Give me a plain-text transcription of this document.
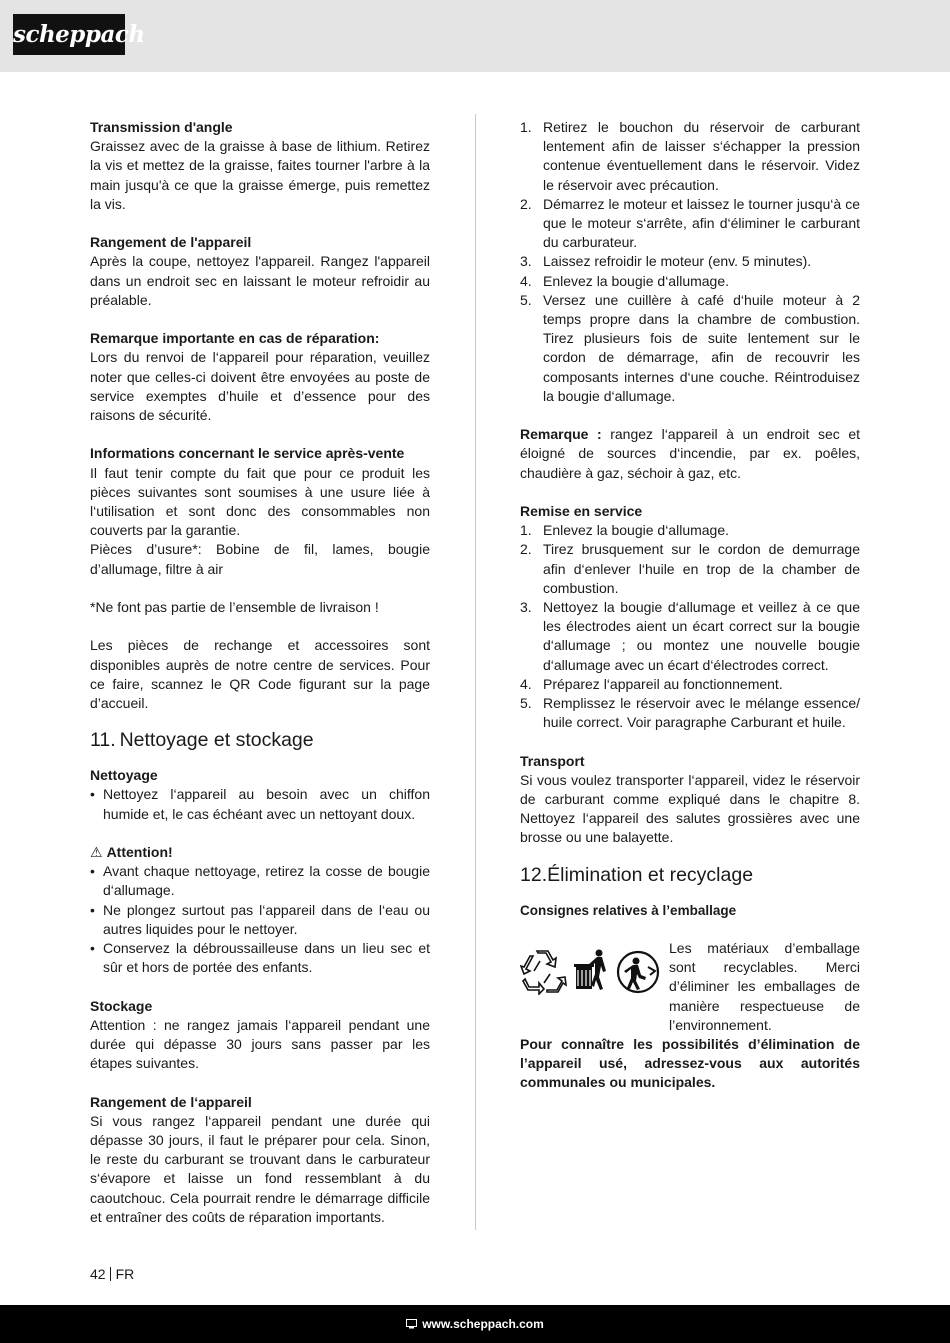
scheppach
Transmission d'angle

Graissez avec de la graisse à base de lithium. Retirez la vis et mettez de la graisse, faites tourner l'arbre à la main jusqu'à ce que la graisse émerge, puis remettez la vis.

Rangement de l'appareil

Après la coupe, nettoyez l'appareil. Rangez l'appareil dans un endroit sec en laissant le moteur refroidir au préalable.

Remarque importante en cas de réparation:

Lors du renvoi de l‘appareil pour réparation, veuillez noter que celles-ci doivent être envoyées au poste de service exemptes d’huile et d’essence pour des raisons de sécurité.

Informations concernant le service après-vente

Il faut tenir compte du fait que pour ce produit les pièces suivantes sont soumises à une usure liée à l‘utilisation et sont donc des consommables non couverts par la garantie.

Pièces d’usure*: Bobine de fil, lames, bougie d’allumage, filtre à air

*Ne font pas partie de l’ensemble de livraison !

Les pièces de rechange et accessoires sont disponibles auprès de notre centre de services. Pour ce faire, scannez le QR Code figurant sur la page d’accueil.

11.  Nettoyage et stockage
Nettoyage
• Nettoyez l‘appareil au besoin avec un chiffon humide et, le cas échéant avec un nettoyant doux.
⚠ Attention!
• Avant chaque nettoyage, retirez la cosse de bougie d‘allumage.
• Ne plongez surtout pas l‘appareil dans de l‘eau ou autres liquides pour le nettoyer.
• Conservez la débroussailleuse dans un lieu sec et sûr et hors de portée des enfants.
Stockage

Attention : ne rangez jamais l‘appareil pendant une durée qui dépasse 30 jours sans passer par les étapes suivantes.

Rangement de l‘appareil

Si vous rangez l‘appareil pendant une durée qui dépasse 30 jours, il faut le préparer pour cela. Sinon, le reste du carburant se trouvant dans le carburateur s‘évapore et laisse un fond ressemblant à du caoutchouc. Cela pourrait rendre le démarrage difficile et entraîner des coûts de réparation importants.

1. Retirez le bouchon du réservoir de carburant lentement afin de laisser s‘échapper la pression contenue éventuellement dans le réservoir. Videz le réservoir avec précaution.
2. Démarrez le moteur et laissez le tourner jusqu‘à ce que le moteur s‘arrête, afin d‘éliminer le carburant du carburateur.
3. Laissez refroidir le moteur (env. 5 minutes).
4. Enlevez la bougie d‘allumage.
5. Versez une cuillère à café d‘huile moteur à 2 temps propre dans la chambre de combustion. Tirez plusieurs fois de suite lentement sur le cordon de démarrage, afin de recouvrir les composants internes d‘une couche. Réintroduisez la bougie d‘allumage.

Remarque : rangez l‘appareil à un endroit sec et éloigné de sources d‘incendie, par ex. poêles, chaudière à gaz, séchoir à gaz, etc.

Remise en service
1. Enlevez la bougie d‘allumage.
2. Tirez brusquement sur le cordon de demurrage afin d‘enlever l‘huile en trop de la chamber de combustion.
3. Nettoyez la bougie d‘allumage et veillez à ce que les électrodes aient un écart correct sur la bougie d‘allumage ; ou montez une nouvelle bougie d‘allumage avec un écart d‘électrodes correct.
4. Préparez l‘appareil au fonctionnement.
5. Remplissez le réservoir avec le mélange essence/ huile correct. Voir paragraphe Carburant et huile.
Transport

Si vous voulez transporter l‘appareil, videz le réservoir de carburant comme expliqué dans le chapitre 8. Nettoyez l‘appareil des salutes grossières avec une brosse ou une balayette.

12.Élimination et recyclage
Consignes relatives à l’emballage

Les matériaux d’emballage sont recyclables. Merci d’éliminer les emballages de manière respectueuse de l’environnement.

Pour connaître les possibilités d’élimination de l’appareil usé, adressez-vous aux autorités communales ou municipales.

42 FR
www.scheppach.com
